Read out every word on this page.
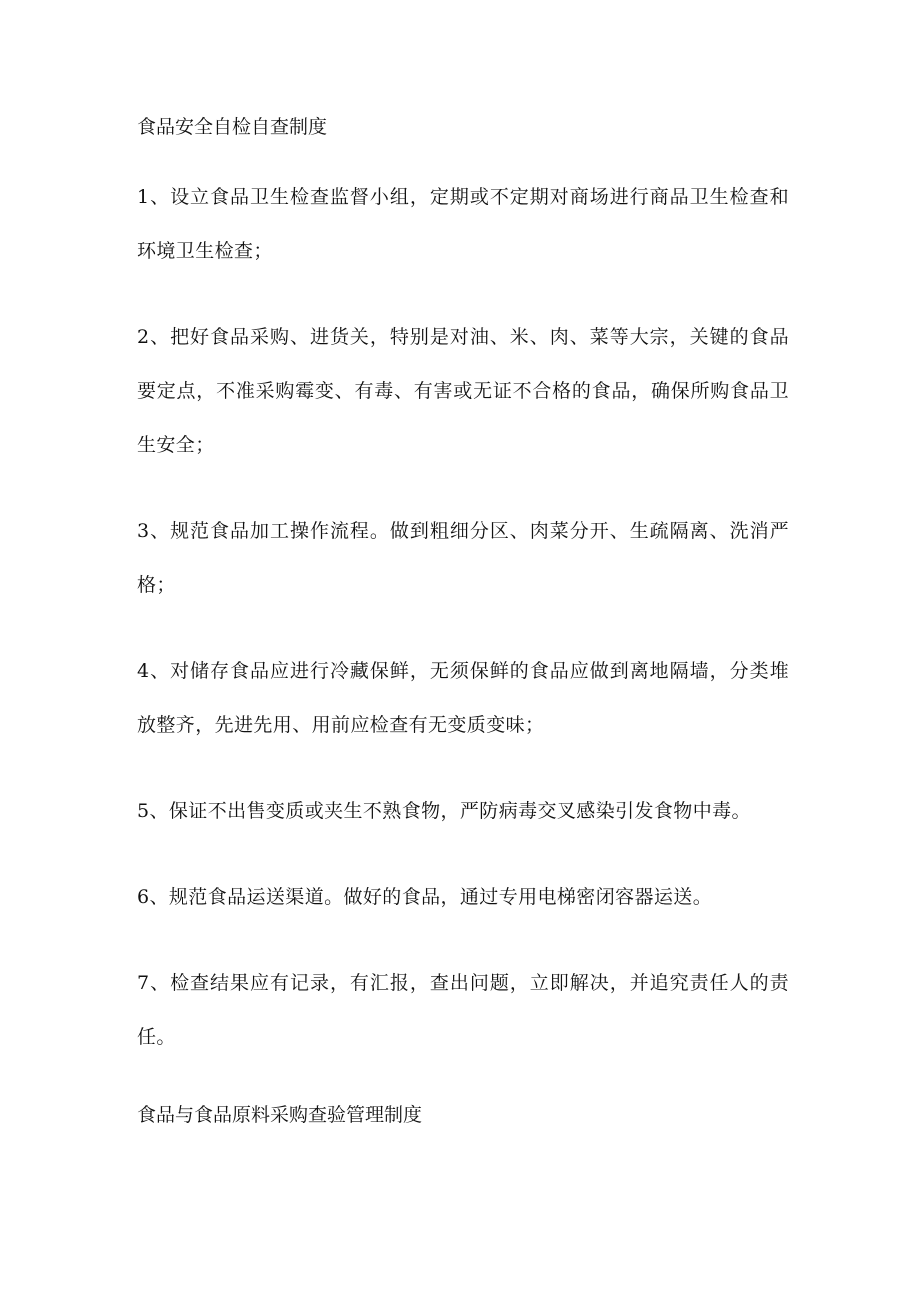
食品安全自检自查制度

1、设立食品卫生检查监督小组，定期或不定期对商场进行商品卫生检查和环境卫生检查；

2、把好食品采购、进货关，特别是对油、米、肉、菜等大宗，关键的食品要定点，不准采购霉变、有毒、有害或无证不合格的食品，确保所购食品卫生安全；

3、规范食品加工操作流程。做到粗细分区、肉菜分开、生疏隔离、洗消严格；

4、对储存食品应进行冷藏保鲜，无须保鲜的食品应做到离地隔墙，分类堆放整齐，先进先用、用前应检查有无变质变味；

5、保证不出售变质或夹生不熟食物，严防病毒交叉感染引发食物中毒。

6、规范食品运送渠道。做好的食品，通过专用电梯密闭容器运送。

7、检查结果应有记录，有汇报，查出问题，立即解决，并追究责任人的责任。

食品与食品原料采购查验管理制度
